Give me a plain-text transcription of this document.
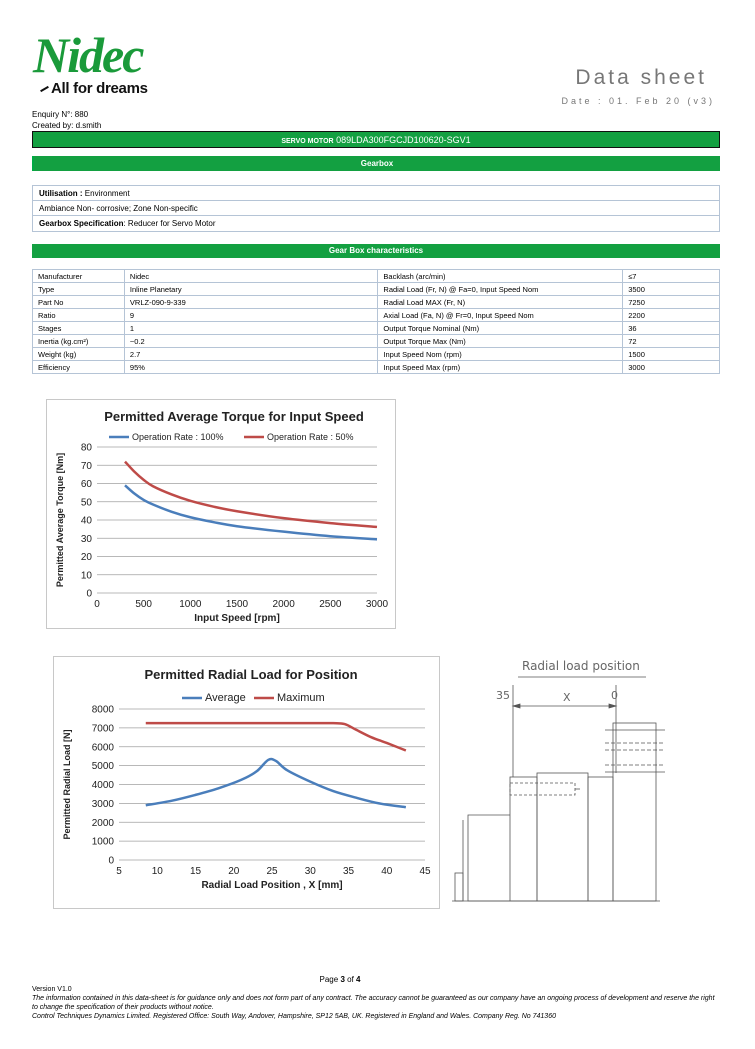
Nidec
All for dreams	Data sheet
Date : 01. Feb 20 (v3)
Enquiry N°: 880
Created by: d.smith
SERVO MOTOR 089LDA300FGCJD100620-SGV1
Gearbox
Utilisation : Environment
Ambiance Non- corrosive; Zone Non-specific
Gearbox Specification: Reducer for Servo Motor
Gear Box characteristics
Manufacturer	Nidec	Backlash (arc/min)	≤7
Type	Inline Planetary	Radial Load (Fr, N) @ Fa=0, Input Speed Nom	3500
Part No	VRLZ-090-9-339	Radial Load MAX (Fr, N)	7250
Ratio	9	Axial Load (Fa, N) @ Fr=0, Input Speed Nom	2200
Stages	1	Output Torque Nominal (Nm)	36
Inertia (kg.cm²)	~0.2	Output Torque Max (Nm)	72
Weight (kg)	2.7	Input Speed Nom (rpm)	1500
Efficiency	95%	Input Speed Max (rpm)	3000
Permitted Average Torque for Input Speed
0
10
20
30
40
50
60
70
80
0	500	1000 1500 2000 2500 3000
Input Speed [rpm]
Permitted Average Torque [Nm]
Operation Rate : 100%	Operation Rate : 50%
Permitted Radial Load for Position
0
1000
2000
3000
4000
5000
6000
7000
8000
5	10	15	20	25	30	35	40	45
Radial Load Position , X [mm]
Permitted Radial Load [N]
Average	Maximum
Radial load position
35	X	0
Page 3 of 4
Version V1.0
The information contained in this data-sheet is for guidance only and does not form part of any contract. The accuracy cannot be guaranteed as our company have an ongoing process of development and reserve the right to change the specification of their products without notice.
Control Techniques Dynamics Limited. Registered Office: South Way, Andover, Hampshire, SP12 5AB, UK. Registered in England and Wales. Company Reg. No 741360
